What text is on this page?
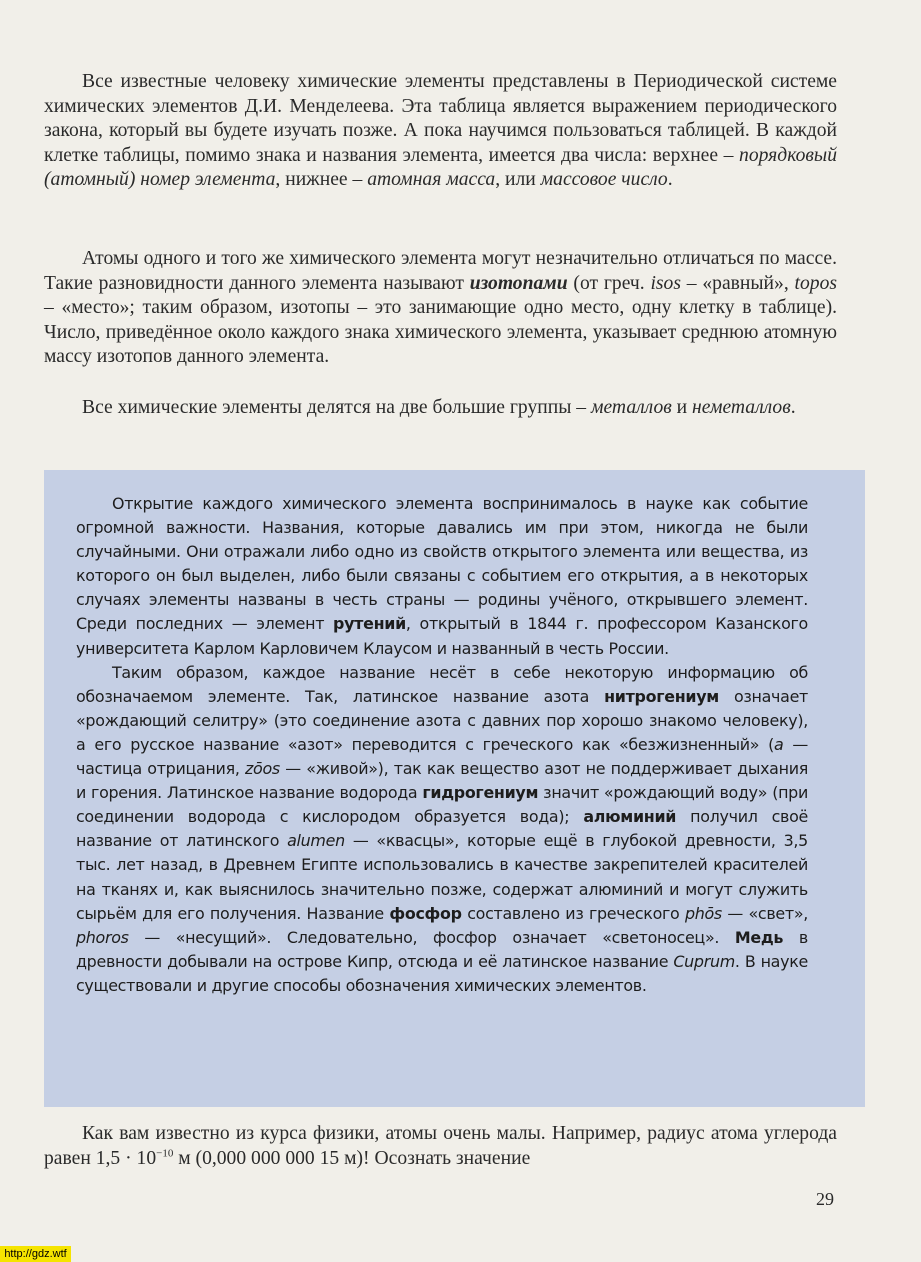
Все известные человеку химические элементы представлены в Периодической системе химических элементов Д.И. Менделеева. Эта таблица является выражением периодического закона, который вы будете изучать позже. А пока научимся пользоваться таблицей. В каждой клетке таблицы, помимо знака и названия элемента, имеется два числа: верхнее – порядковый (атомный) номер элемента, нижнее – атомная масса, или массовое число.

Атомы одного и того же химического элемента могут незначительно отличаться по массе. Такие разновидности данного элемента называют изотопами (от греч. isos – «равный», topos – «место»; таким образом, изотопы – это занимающие одно место, одну клетку в таблице). Число, приведённое около каждого знака химического элемента, указывает среднюю атомную массу изотопов данного элемента.

Все химические элементы делятся на две большие группы – металлов и неметаллов.

Открытие каждого химического элемента воспринималось в науке как событие огромной важности. Названия, которые давались им при этом, никогда не были случайными. Они отражали либо одно из свойств открытого элемента или вещества, из которого он был выделен, либо были связаны с событием его открытия, а в некоторых случаях элементы названы в честь страны — родины учёного, открывшего элемент. Среди последних — элемент рутений, открытый в 1844 г. профессором Казанского университета Карлом Карловичем Клаусом и названный в честь России.

Таким образом, каждое название несёт в себе некоторую информацию об обозначаемом элементе. Так, латинское название азота нитрогениум означает «рождающий селитру» (это соединение азота с давних пор хорошо знакомо человеку), а его русское название «азот» переводится с греческого как «безжизненный» (a — частица отрицания, zōos — «живой»), так как вещество азот не поддерживает дыхания и горения. Латинское название водорода гидрогениум значит «рождающий воду» (при соединении водорода с кислородом образуется вода); алюминий получил своё название от латинского alumen — «квасцы», которые ещё в глубокой древности, 3,5 тыс. лет назад, в Древнем Египте использовались в качестве закрепителей красителей на тканях и, как выяснилось значительно позже, содержат алюминий и могут служить сырьём для его получения. Название фосфор составлено из греческого phōs — «свет», phoros — «несущий». Следовательно, фосфор означает «светоносец». Медь в древности добывали на острове Кипр, отсюда и её латинское название Cuprum. В науке существовали и другие способы обозначения химических элементов.

Как вам известно из курса физики, атомы очень малы. Например, радиус атома углерода равен $1,5 \cdot 10^{-10}$ м (0,000 000 000 15 м)! Осознать значение

29
http://gdz.wtf
